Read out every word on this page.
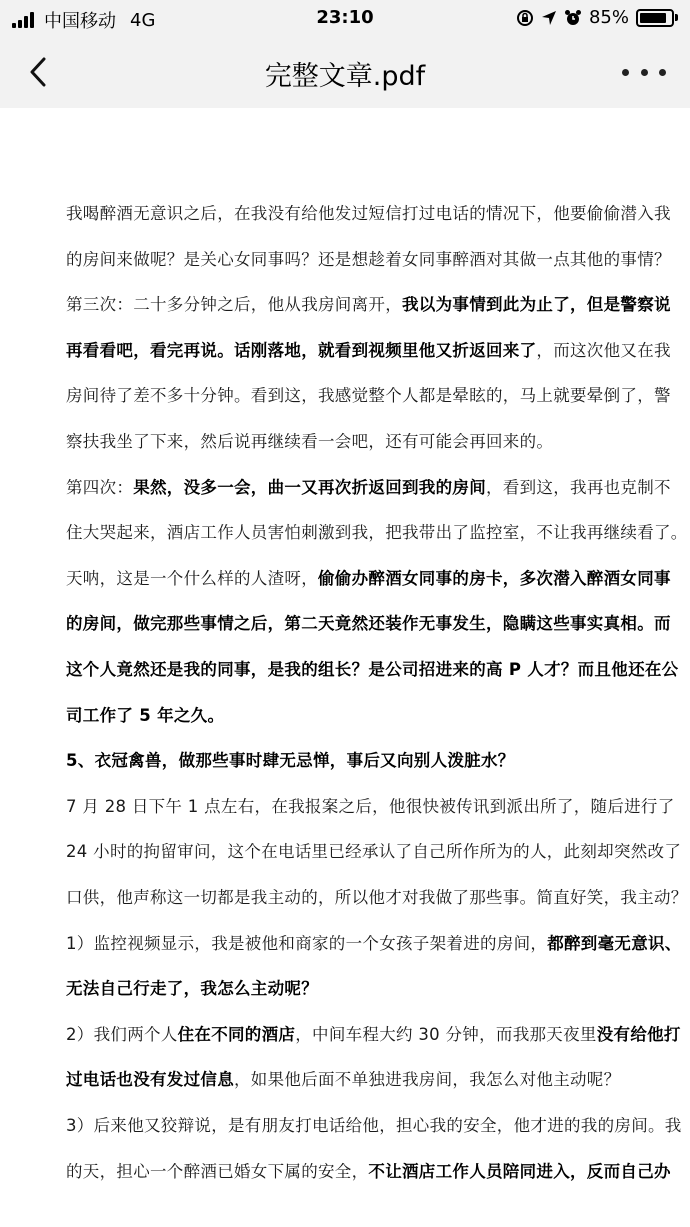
中国移动 4G	23:10	85%
完整文章.pdf
我喝醉酒无意识之后，在我没有给他发过短信打过电话的情况下，他要偷偷潜入我
的房间来做呢？是关心女同事吗？还是想趁着女同事醉酒对其做一点其他的事情？
第三次：二十多分钟之后，他从我房间离开，我以为事情到此为止了，但是警察说
再看看吧，看完再说。话刚落地，就看到视频里他又折返回来了，而这次他又在我
房间待了差不多十分钟。看到这，我感觉整个人都是晕眩的，马上就要晕倒了，警
察扶我坐了下来，然后说再继续看一会吧，还有可能会再回来的。
第四次：果然，没多一会，曲一又再次折返回到我的房间，看到这，我再也克制不
住大哭起来，酒店工作人员害怕刺激到我，把我带出了监控室，不让我再继续看了。
天呐，这是一个什么样的人渣呀，偷偷办醉酒女同事的房卡，多次潜入醉酒女同事
的房间，做完那些事情之后，第二天竟然还装作无事发生，隐瞒这些事实真相。而
这个人竟然还是我的同事，是我的组长？是公司招进来的高 P 人才？而且他还在公
司工作了 5 年之久。
5、衣冠禽兽，做那些事时肆无忌惮，事后又向别人泼脏水？
7 月 28 日下午 1 点左右，在我报案之后，他很快被传讯到派出所了，随后进行了
24 小时的拘留审问，这个在电话里已经承认了自己所作所为的人，此刻却突然改了
口供，他声称这一切都是我主动的，所以他才对我做了那些事。简直好笑，我主动？
1）监控视频显示，我是被他和商家的一个女孩子架着进的房间，都醉到毫无意识、
无法自己行走了，我怎么主动呢？
2）我们两个人住在不同的酒店，中间车程大约 30 分钟，而我那天夜里没有给他打
过电话也没有发过信息，如果他后面不单独进我房间，我怎么对他主动呢？
3）后来他又狡辩说，是有朋友打电话给他，担心我的安全，他才进的我的房间。我
的天，担心一个醉酒已婚女下属的安全，不让酒店工作人员陪同进入，反而自己办
